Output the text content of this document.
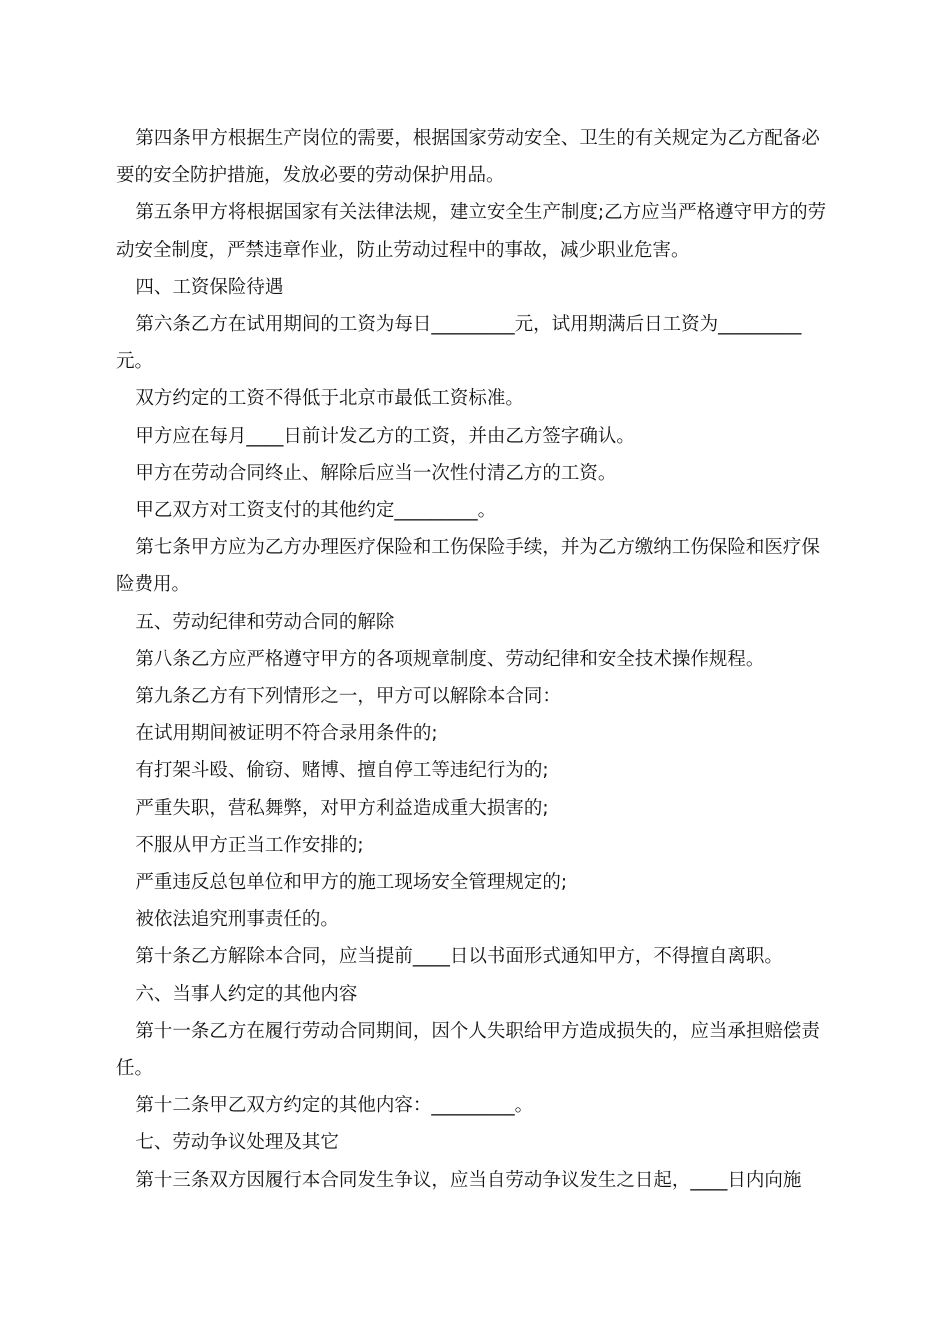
第四条甲方根据生产岗位的需要，根据国家劳动安全、卫生的有关规定为乙方配备必要的安全防护措施，发放必要的劳动保护用品。

第五条甲方将根据国家有关法律法规，建立安全生产制度;乙方应当严格遵守甲方的劳动安全制度，严禁违章作业，防止劳动过程中的事故，减少职业危害。

四、工资保险待遇

第六条乙方在试用期间的工资为每日_________元，试用期满后日工资为_________元。

双方约定的工资不得低于北京市最低工资标准。

甲方应在每月____日前计发乙方的工资，并由乙方签字确认。

甲方在劳动合同终止、解除后应当一次性付清乙方的工资。

甲乙双方对工资支付的其他约定_________。

第七条甲方应为乙方办理医疗保险和工伤保险手续，并为乙方缴纳工伤保险和医疗保险费用。

五、劳动纪律和劳动合同的解除

第八条乙方应严格遵守甲方的各项规章制度、劳动纪律和安全技术操作规程。

第九条乙方有下列情形之一，甲方可以解除本合同：

在试用期间被证明不符合录用条件的;

有打架斗殴、偷窃、赌博、擅自停工等违纪行为的;

严重失职，营私舞弊，对甲方利益造成重大损害的;

不服从甲方正当工作安排的;

严重违反总包单位和甲方的施工现场安全管理规定的;

被依法追究刑事责任的。

第十条乙方解除本合同，应当提前____日以书面形式通知甲方，不得擅自离职。

六、当事人约定的其他内容

第十一条乙方在履行劳动合同期间，因个人失职给甲方造成损失的，应当承担赔偿责任。

第十二条甲乙双方约定的其他内容：_________。

七、劳动争议处理及其它

第十三条双方因履行本合同发生争议，应当自劳动争议发生之日起，____日内向施
